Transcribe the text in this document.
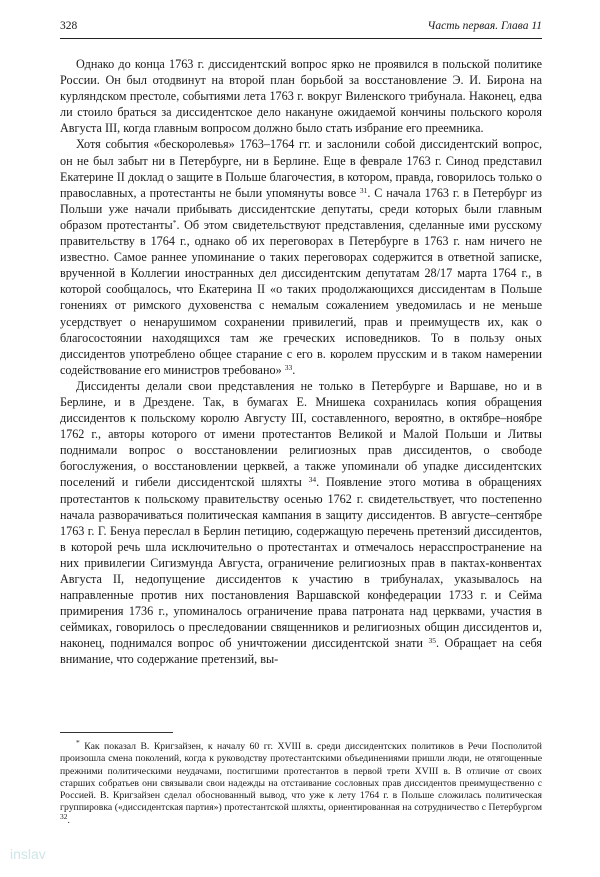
328	Часть первая. Глава 11

Однако до конца 1763 г. диссидентский вопрос ярко не проявился в польской политике России. Он был отодвинут на второй план борьбой за восстановление Э. И. Бирона на курляндском престоле, событиями лета 1763 г. вокруг Виленского трибунала. Наконец, едва ли стоило браться за диссидентское дело накануне ожидаемой кончины польского короля Августа III, когда главным вопросом должно было стать избрание его преемника.

Хотя события «бескоролевья» 1763–1764 гг. и заслонили собой диссидентский вопрос, он не был забыт ни в Петербурге, ни в Берлине. Еще в феврале 1763 г. Синод представил Екатерине II доклад о защите в Польше благочестия, в котором, правда, говорилось только о православных, а протестанты не были упомянуты вовсе $^{31}$. С начала 1763 г. в Петербург из Польши уже начали прибывать диссидентские депутаты, среди которых были главным образом протестанты*. Об этом свидетельствуют представления, сделанные ими русскому правительству в 1764 г., однако об их переговорах в Петербурге в 1763 г. нам ничего не известно. Самое раннее упоминание о таких переговорах содержится в ответной записке, врученной в Коллегии иностранных дел диссидентским депутатам 28/17 марта 1764 г., в которой сообщалось, что Екатерина II «о таких продолжающихся диссидентам в Польше гонениях от римского духовенства с немалым сожалением уведомилась и не меньше усердствует о ненарушимом сохранении привилегий, прав и преимуществ их, как о благосостоянии находящихся там же греческих исповедников. То в пользу оных диссидентов употреблено общее старание с его в. королем прусским и в таком намерении содействование его министров требовано» $^{33}$.

Диссиденты делали свои представления не только в Петербурге и Варшаве, но и в Берлине, и в Дрездене. Так, в бумагах Е. Мнишека сохранилась копия обращения диссидентов к польскому королю Августу III, составленного, вероятно, в октябре–ноябре 1762 г., авторы которого от имени протестантов Великой и Малой Польши и Литвы поднимали вопрос о восстановлении религиозных прав диссидентов, о свободе богослужения, о восстановлении церквей, а также упоминали об упадке диссидентских поселений и гибели диссидентской шляхты $^{34}$. Появление этого мотива в обращениях протестантов к польскому правительству осенью 1762 г. свидетельствует, что постепенно начала разворачиваться политическая кампания в защиту диссидентов. В августе–сентябре 1763 г. Г. Бенуа переслал в Берлин петицию, содержащую перечень претензий диссидентов, в которой речь шла исключительно о протестантах и отмечалось нерасспространение на них привилегии Сигизмунда Августа, ограничение религиозных прав в пактах-конвентах Августа II, недопущение диссидентов к участию в трибуналах, указывалось на направленные против них постановления Варшавской конфедерации 1733 г. и Сейма примирения 1736 г., упоминалось ограничение права патроната над церквами, участия в сеймиках, говорилось о преследовании священников и религиозных общин диссидентов и, наконец, поднимался вопрос об уничтожении диссидентской знати $^{35}$. Обращает на себя внимание, что содержание претензий, вы-

* Как показал В. Кригзайзен, к началу 60 гг. XVIII в. среди диссидентских политиков в Речи Посполитой произошла смена поколений, когда к руководству протестантскими объединениями пришли люди, не отягощенные прежними политическими неудачами, постигшими протестантов в первой трети XVIII в. В отличие от своих старших собратьев они связывали свои надежды на отстаивание сословных прав диссидентов преимущественно с Россией. В. Кригзайзен сделал обоснованный вывод, что уже к лету 1764 г. в Польше сложилась политическая группировка («диссидентская партия») протестантской шляхты, ориентированная на сотрудничество с Петербургом $^{32}$.

inslav
